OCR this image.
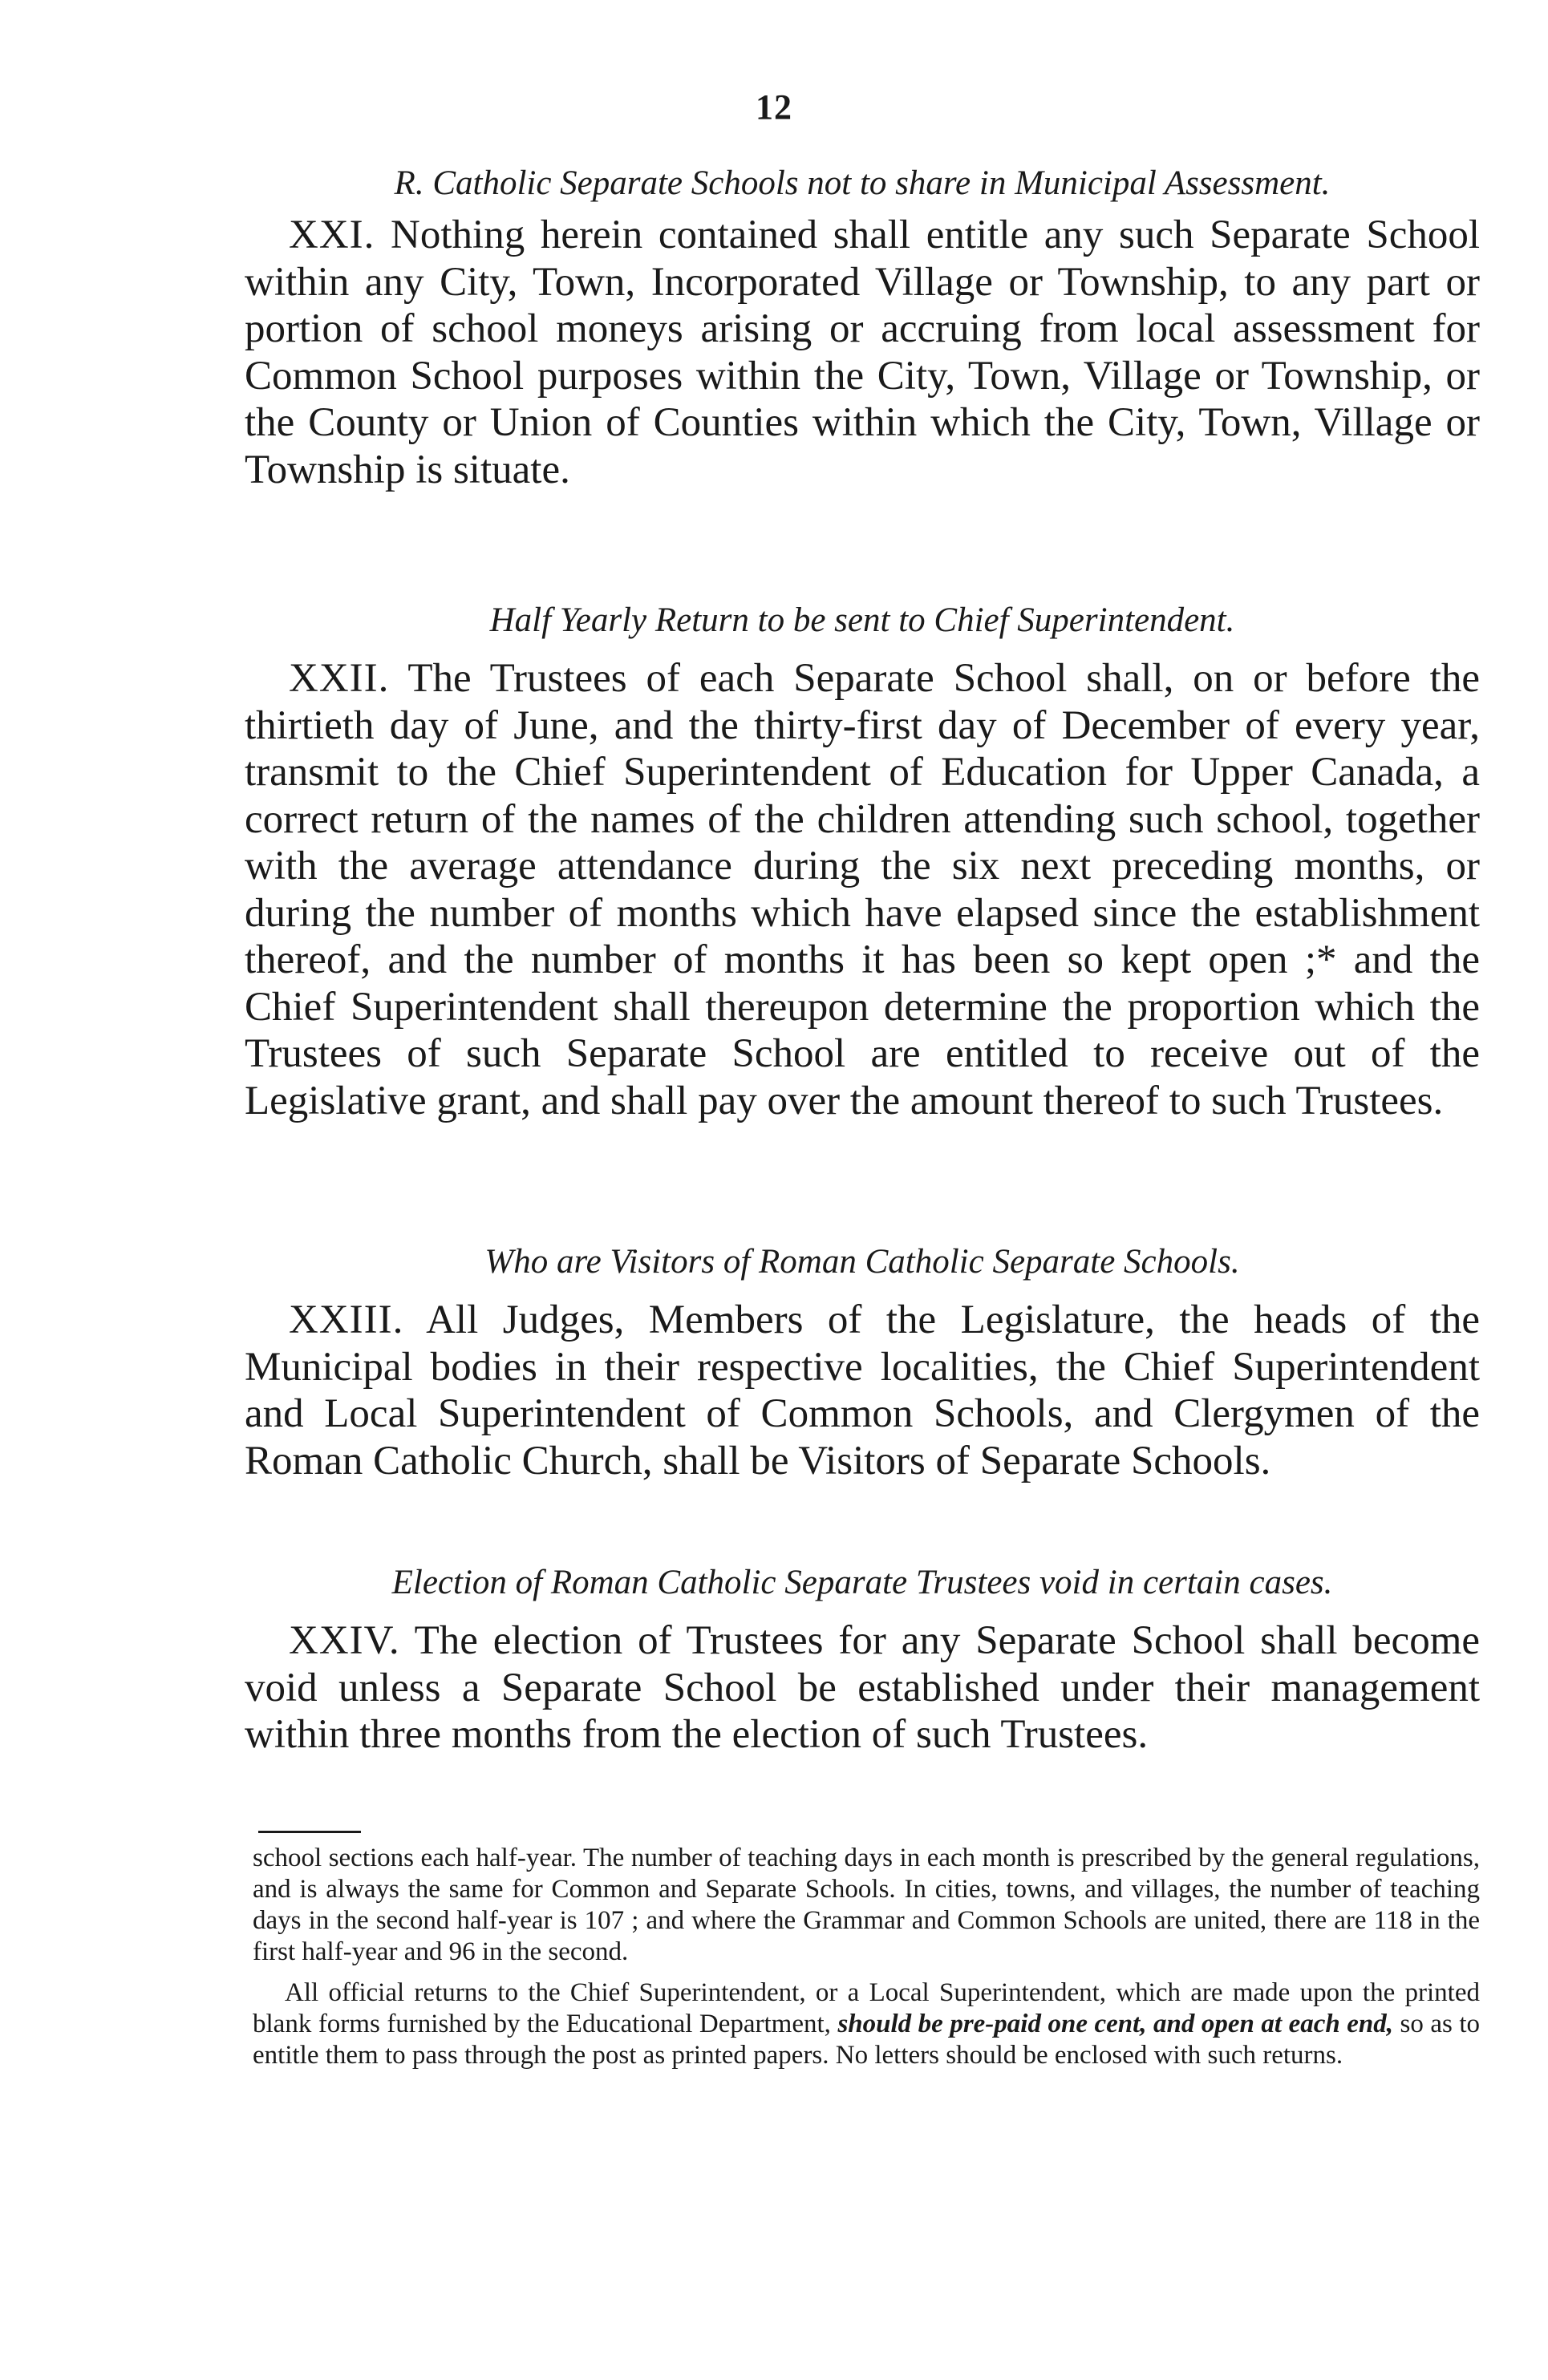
12

R. Catholic Separate Schools not to share in Municipal Assessment.

XXI. Nothing herein contained shall entitle any such Separate School within any City, Town, Incorporated Village or Township, to any part or portion of school moneys arising or accruing from local assessment for Common School purposes within the City, Town, Village or Township, or the County or Union of Counties within which the City, Town, Village or Township is situate.

Half Yearly Return to be sent to Chief Superintendent.

XXII. The Trustees of each Separate School shall, on or before the thirtieth day of June, and the thirty-first day of December of every year, transmit to the Chief Superintendent of Education for Upper Canada, a correct return of the names of the children attending such school, together with the average attendance during the six next preceding months, or during the number of months which have elapsed since the establishment thereof, and the number of months it has been so kept open ;* and the Chief Superintendent shall thereupon determine the proportion which the Trustees of such Separate School are entitled to receive out of the Legislative grant, and shall pay over the amount thereof to such Trustees.

Who are Visitors of Roman Catholic Separate Schools.

XXIII. All Judges, Members of the Legislature, the heads of the Municipal bodies in their respective localities, the Chief Superintendent and Local Superintendent of Common Schools, and Clergymen of the Roman Catholic Church, shall be Visitors of Separate Schools.

Election of Roman Catholic Separate Trustees void in certain cases.

XXIV. The election of Trustees for any Separate School shall become void unless a Separate School be established under their management within three months from the election of such Trustees.

school sections each half-year. The number of teaching days in each month is prescribed by the general regulations, and is always the same for Common and Separate Schools. In cities, towns, and villages, the number of teaching days in the second half-year is 107 ; and where the Grammar and Common Schools are united, there are 118 in the first half-year and 96 in the second.

All official returns to the Chief Superintendent, or a Local Superintendent, which are made upon the printed blank forms furnished by the Educational Department, should be pre-paid one cent, and open at each end, so as to entitle them to pass through the post as printed papers. No letters should be enclosed with such returns.
